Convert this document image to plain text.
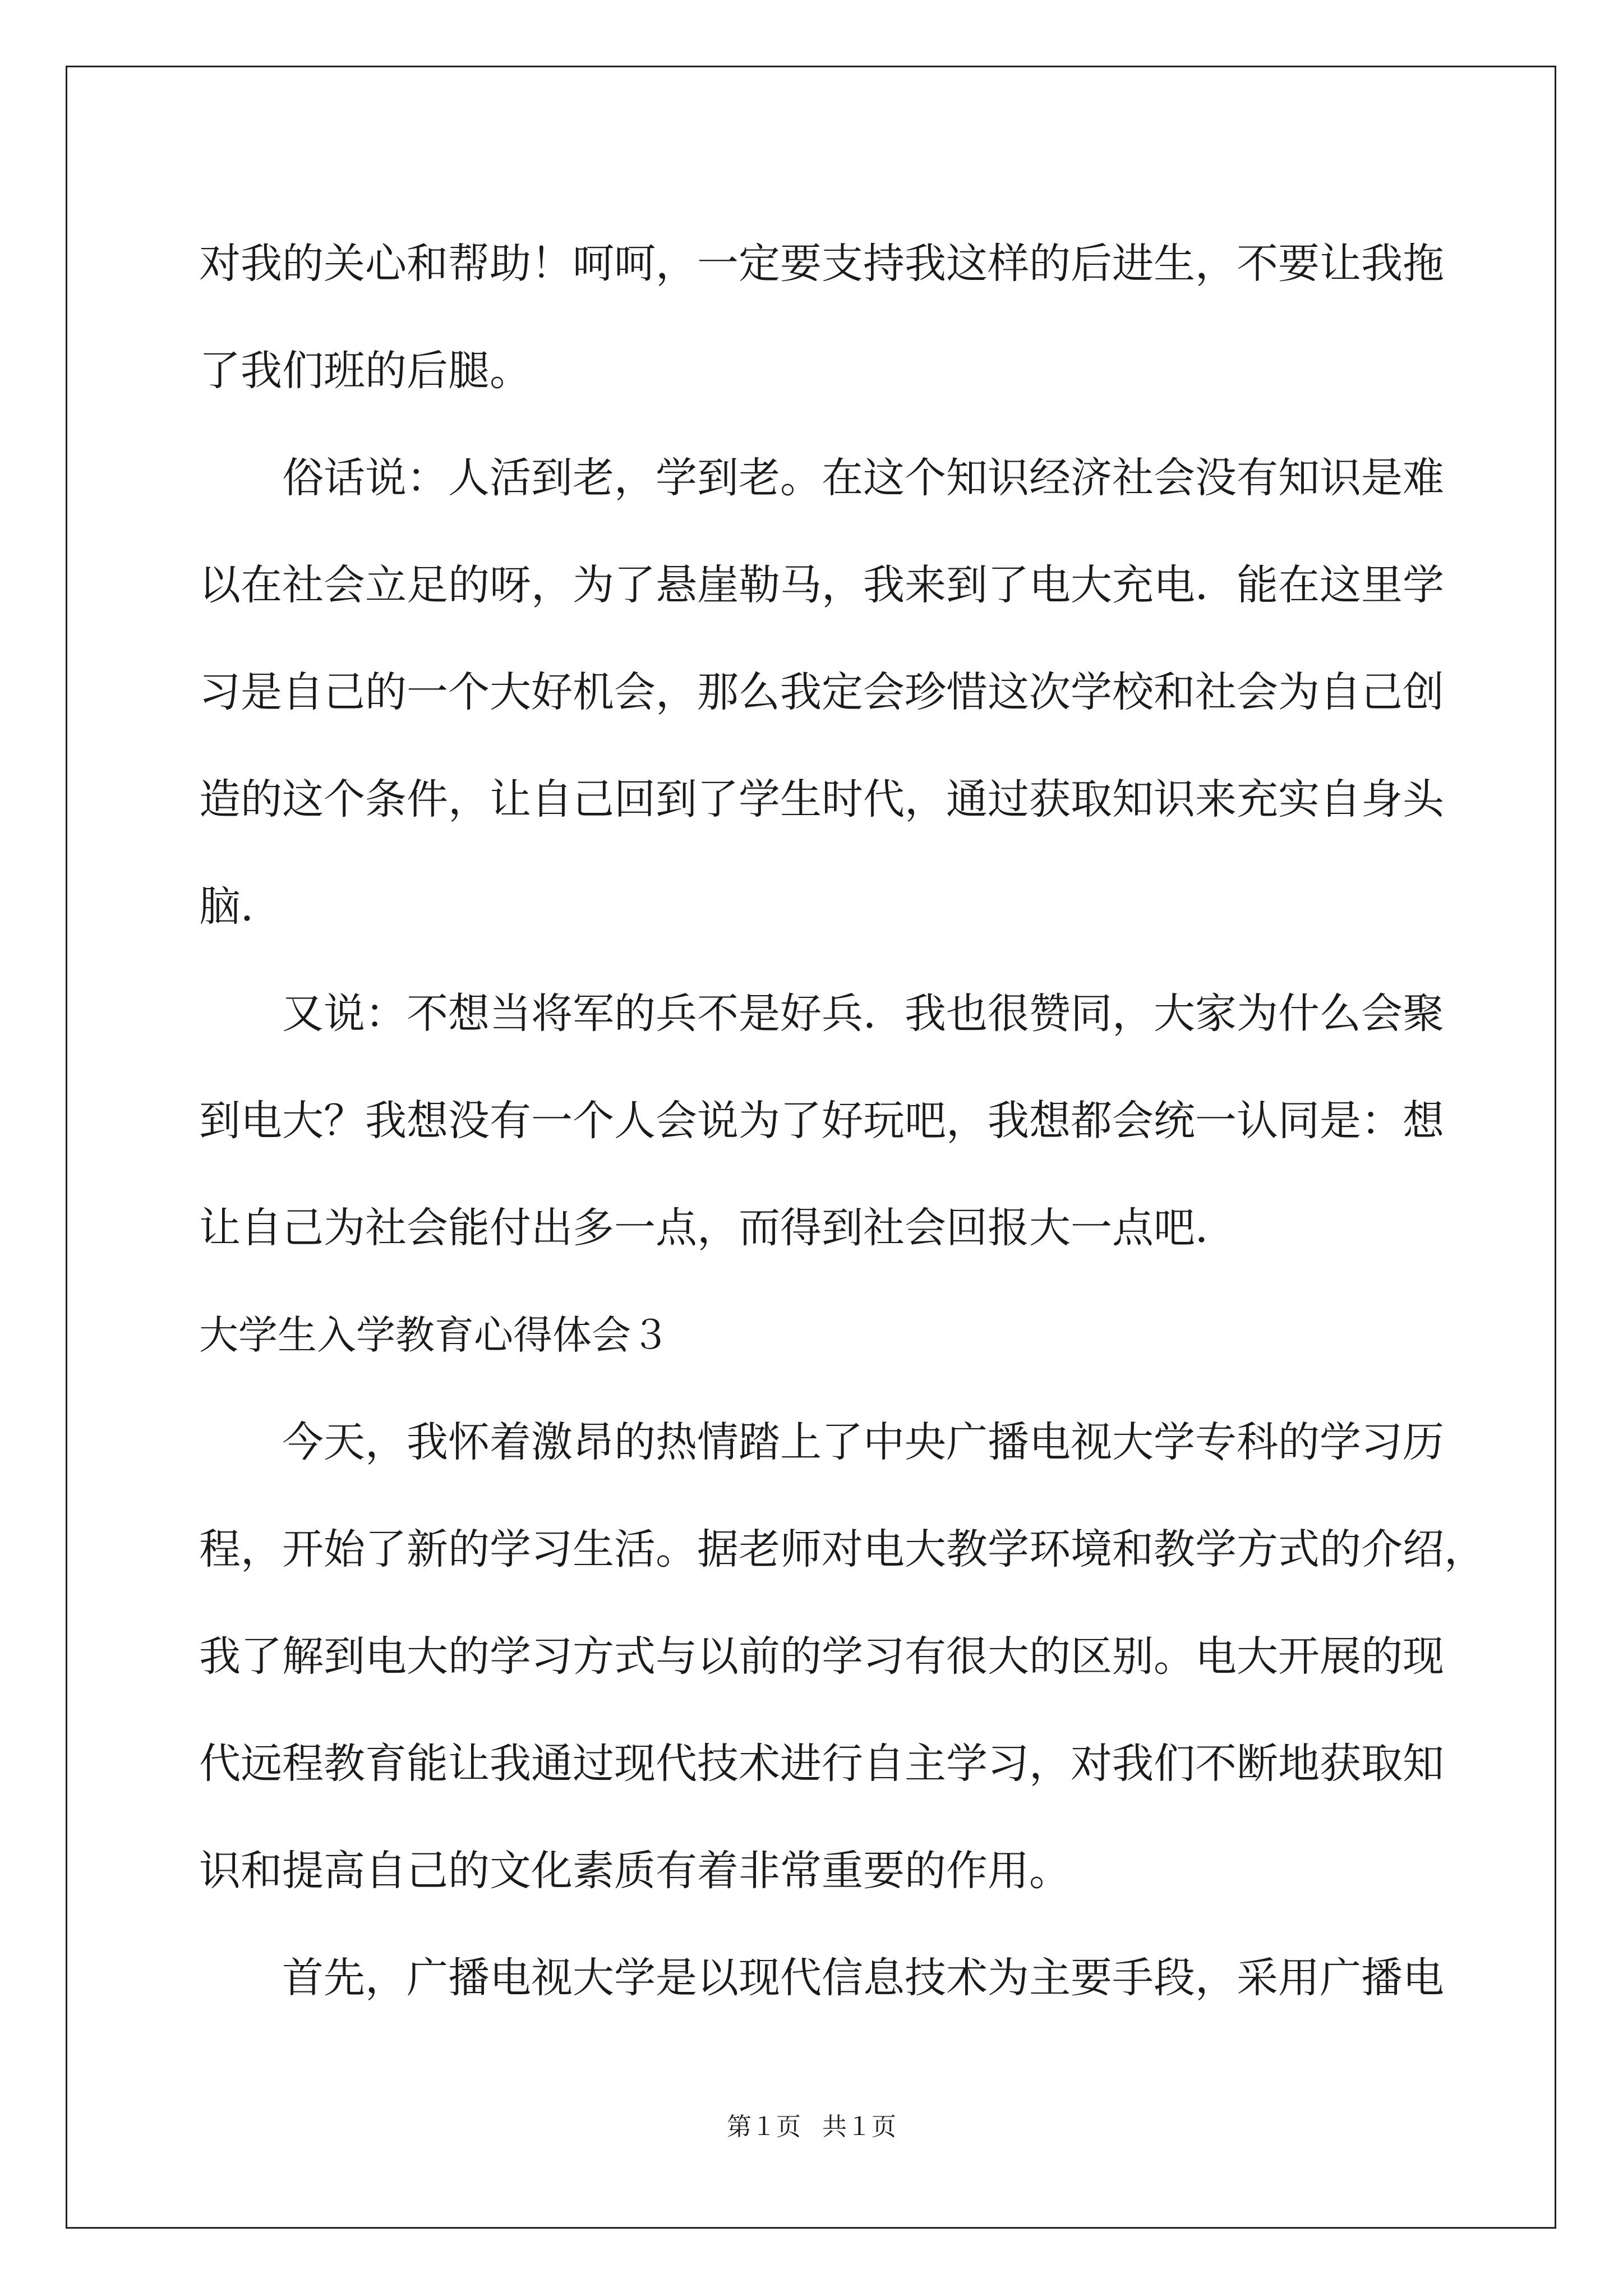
对我的关心和帮助！呵呵，一定要支持我这样的后进生，不要让我拖
了我们班的后腿。
俗话说：人活到老，学到老。在这个知识经济社会没有知识是难
以在社会立足的呀，为了悬崖勒马，我来到了电大充电．能在这里学
习是自己的一个大好机会，那么我定会珍惜这次学校和社会为自己创
造的这个条件，让自己回到了学生时代，通过获取知识来充实自身头
脑．
又说：不想当将军的兵不是好兵．我也很赞同，大家为什么会聚
到电大？我想没有一个人会说为了好玩吧，我想都会统一认同是：想
让自己为社会能付出多一点，而得到社会回报大一点吧．
大学生入学教育心得体会３
今天，我怀着激昂的热情踏上了中央广播电视大学专科的学习历
程，开始了新的学习生活。据老师对电大教学环境和教学方式的介绍，
我了解到电大的学习方式与以前的学习有很大的区别。电大开展的现
代远程教育能让我通过现代技术进行自主学习，对我们不断地获取知
识和提高自己的文化素质有着非常重要的作用。
首先，广播电视大学是以现代信息技术为主要手段，采用广播电
第１页 共１页
